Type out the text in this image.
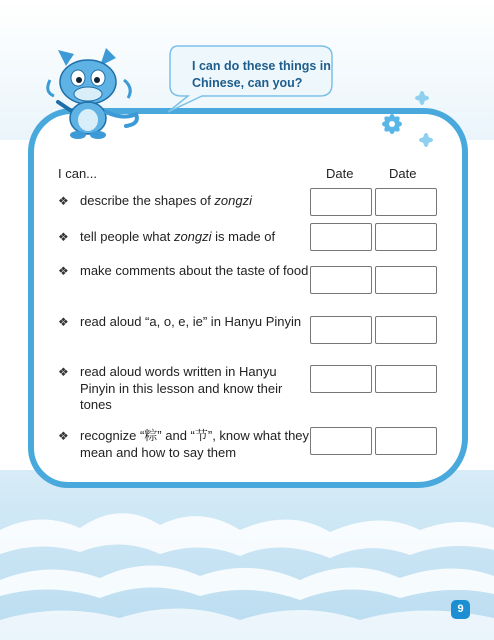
I can do these things in Chinese, can you?
I can...	Date	Date
❖ describe the shapes of zongzi
❖ tell people what zongzi is made of
❖ make comments about the taste of food
❖ read aloud “a, o, e, ie” in Hanyu Pinyin
❖ read aloud words written in Hanyu Pinyin in this lesson and know their tones
❖ recognize “粽” and “节”, know what they mean and how to say them
9
